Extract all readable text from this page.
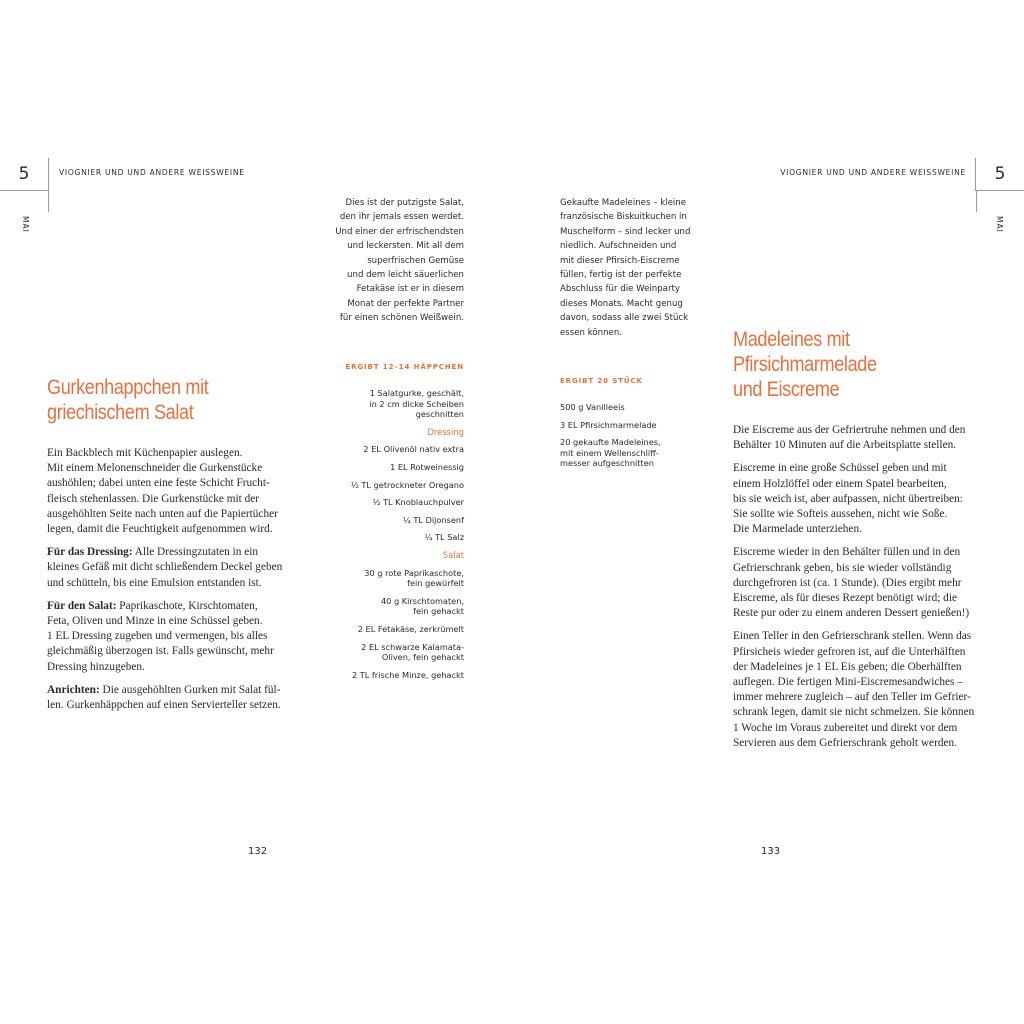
5	VIOGNIER UND UND ANDERE WEISSWEINE
MAI
Gurkenhappchen mit
griechischem Salat

Ein Backblech mit Küchenpapier auslegen.
Mit einem Melonenschneider die Gurkenstücke
aushöhlen; dabei unten eine feste Schicht Frucht-
fleisch stehenlassen. Die Gurkenstücke mit der
ausgehöhlten Seite nach unten auf die Papiertücher
legen, damit die Feuchtigkeit aufgenommen wird.

Für das Dressing: Alle Dressingzutaten in ein
kleines Gefäß mit dicht schließendem Deckel geben
und schütteln, bis eine Emulsion entstanden ist.

Für den Salat: Paprikaschote, Kirschtomaten,
Feta, Oliven und Minze in eine Schüssel geben.
1 EL Dressing zugeben und vermengen, bis alles
gleichmäßig überzogen ist. Falls gewünscht, mehr
Dressing hinzugeben.

Anrichten: Die ausgehöhlten Gurken mit Salat fül-
len. Gurkenhäppchen auf einen Servierteller setzen.

Dies ist der putzigste Salat,
den ihr jemals essen werdet.
Und einer der erfrischendsten
und leckersten. Mit all dem
superfrischen Gemüse
und dem leicht säuerlichen
Fetakäse ist er in diesem
Monat der perfekte Partner
für einen schönen Weißwein.
ERGIBT 12–14 HÄPPCHEN
1 Salatgurke, geschält,
in 2 cm dicke Scheiben
geschnitten
Dressing
2 EL Olivenöl nativ extra
1 EL Rotweinessig
½ TL getrockneter Oregano
½ TL Knoblauchpulver
¼ TL Dijonsenf
¼ TL Salz
Salat
30 g rote Paprikaschote,
fein gewürfelt
40 g Kirschtomaten,
fein gehackt
2 EL Fetakäse, zerkrümelt
2 EL schwarze Kalamata-
Oliven, fein gehackt
2 TL frische Minze, gehackt
132
5
VIOGNIER UND UND ANDERE WEISSWEINE
MAI
Gekaufte Madeleines – kleine
französische Biskuitkuchen in
Muschelform – sind lecker und
niedlich. Aufschneiden und
mit dieser Pfirsich-Eiscreme
füllen, fertig ist der perfekte
Abschluss für die Weinparty
dieses Monats. Macht genug
davon, sodass alle zwei Stück
essen können.
ERGIBT 20 STÜCK
500 g Vanilleeis
3 EL Pfirsichmarmelade
20 gekaufte Madeleines,
mit einem Wellenschliff-
messer aufgeschnitten
Madeleines mit
Pfirsichmarmelade
und Eiscreme

Die Eiscreme aus der Gefriertruhe nehmen und den
Behälter 10 Minuten auf die Arbeitsplatte stellen.

Eiscreme in eine große Schüssel geben und mit
einem Holzlöffel oder einem Spatel bearbeiten,
bis sie weich ist, aber aufpassen, nicht übertreiben:
Sie sollte wie Softeis aussehen, nicht wie Soße.
Die Marmelade unterziehen.

Eiscreme wieder in den Behälter füllen und in den
Gefrierschrank geben, bis sie wieder vollständig
durchgefroren ist (ca. 1 Stunde). (Dies ergibt mehr
Eiscreme, als für dieses Rezept benötigt wird; die
Reste pur oder zu einem anderen Dessert genießen!)

Einen Teller in den Gefrierschrank stellen. Wenn das
Pfirsicheis wieder gefroren ist, auf die Unterhälften
der Madeleines je 1 EL Eis geben; die Oberhälften
auflegen. Die fertigen Mini-Eiscremesandwiches –
immer mehrere zugleich – auf den Teller im Gefrier-
schrank legen, damit sie nicht schmelzen. Sie können
1 Woche im Voraus zubereitet und direkt vor dem
Servieren aus dem Gefrierschrank geholt werden.

133
